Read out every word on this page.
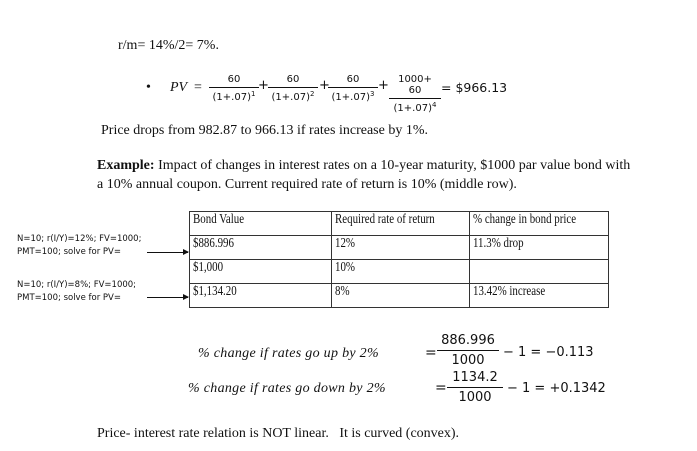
r/m= 14%/2= 7%.
• PV =
60
$(1+.07)^1$
+	60
$(1+.07)^2$
+	60
$(1+.07)^3$
+ 1000+ 60
$(1+.07)^4$
= $966.13
Price drops from 982.87 to 966.13 if rates increase by 1%.
Example: Impact of changes in interest rates on a 10-year maturity, $1000 par value bond with
a 10% annual coupon. Current required rate of return is 10% (middle row).
N=10; r(I/Y)=12%; FV=1000;
PMT=100; solve for PV=
N=10; r(I/Y)=8%; FV=1000;
PMT=100; solve for PV=
Bond Value	Required rate of return	% change in bond price
$886.996	12%	11.3% drop
$1,000	10%	
$1,134.20	8%	13.42% increase
% change if rates go up by 2%	=
886.996
1000
− 1 = −0.113
% change if rates go down by 2%	=
1134.2
1000
− 1 = +0.1342
Price- interest rate relation is NOT linear.   It is curved (convex).
